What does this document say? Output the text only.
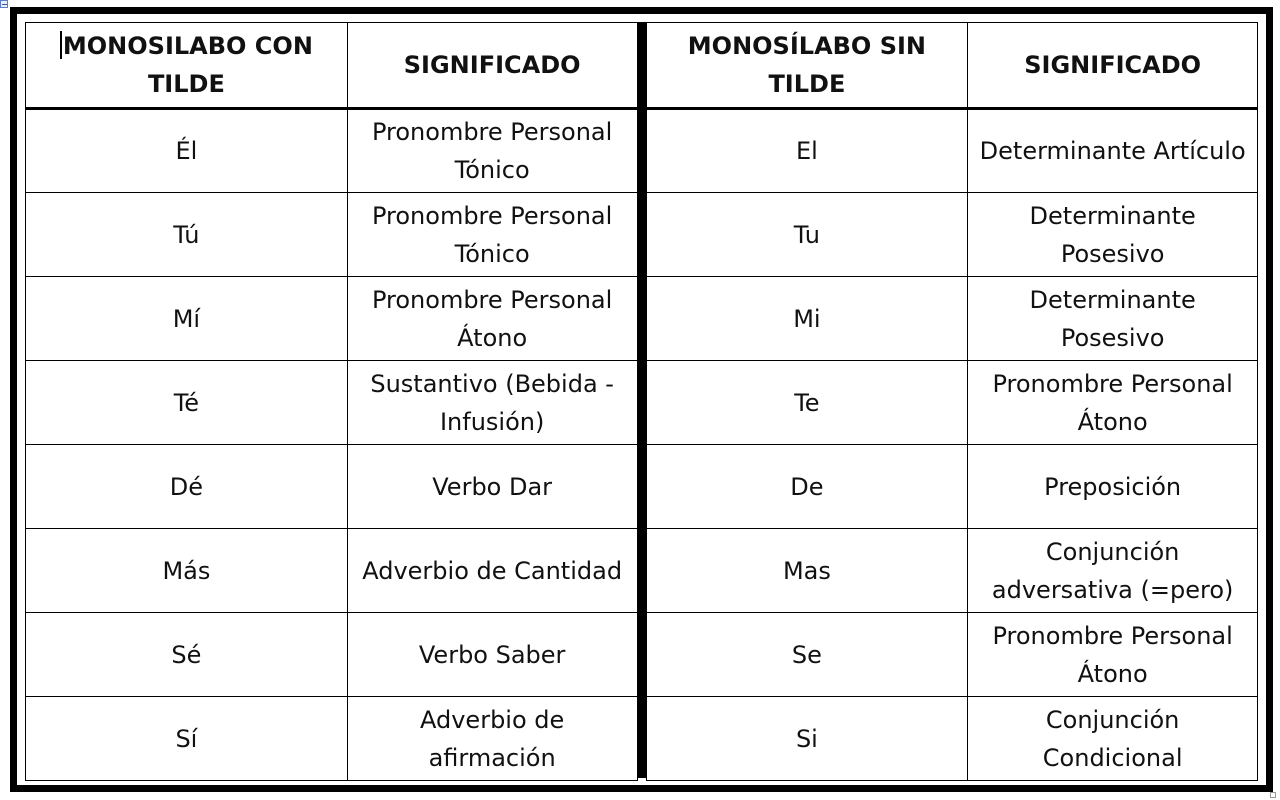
MONOSILABO CON TILDE	SIGNIFICADO
Él	Pronombre Personal Tónico
Tú	Pronombre Personal Tónico
Mí	Pronombre Personal Átono
Té	Sustantivo (Bebida - Infusión)
Dé	Verbo Dar
Más	Adverbio de Cantidad
Sé	Verbo Saber
Sí	Adverbio de afirmación
MONOSÍLABO SIN TILDE	SIGNIFICADO
El	Determinante Artículo
Tu	Determinante Posesivo
Mi	Determinante Posesivo
Te	Pronombre Personal Átono
De	Preposición
Mas	Conjunción adversativa (=pero)
Se	Pronombre Personal Átono
Si	Conjunción Condicional
